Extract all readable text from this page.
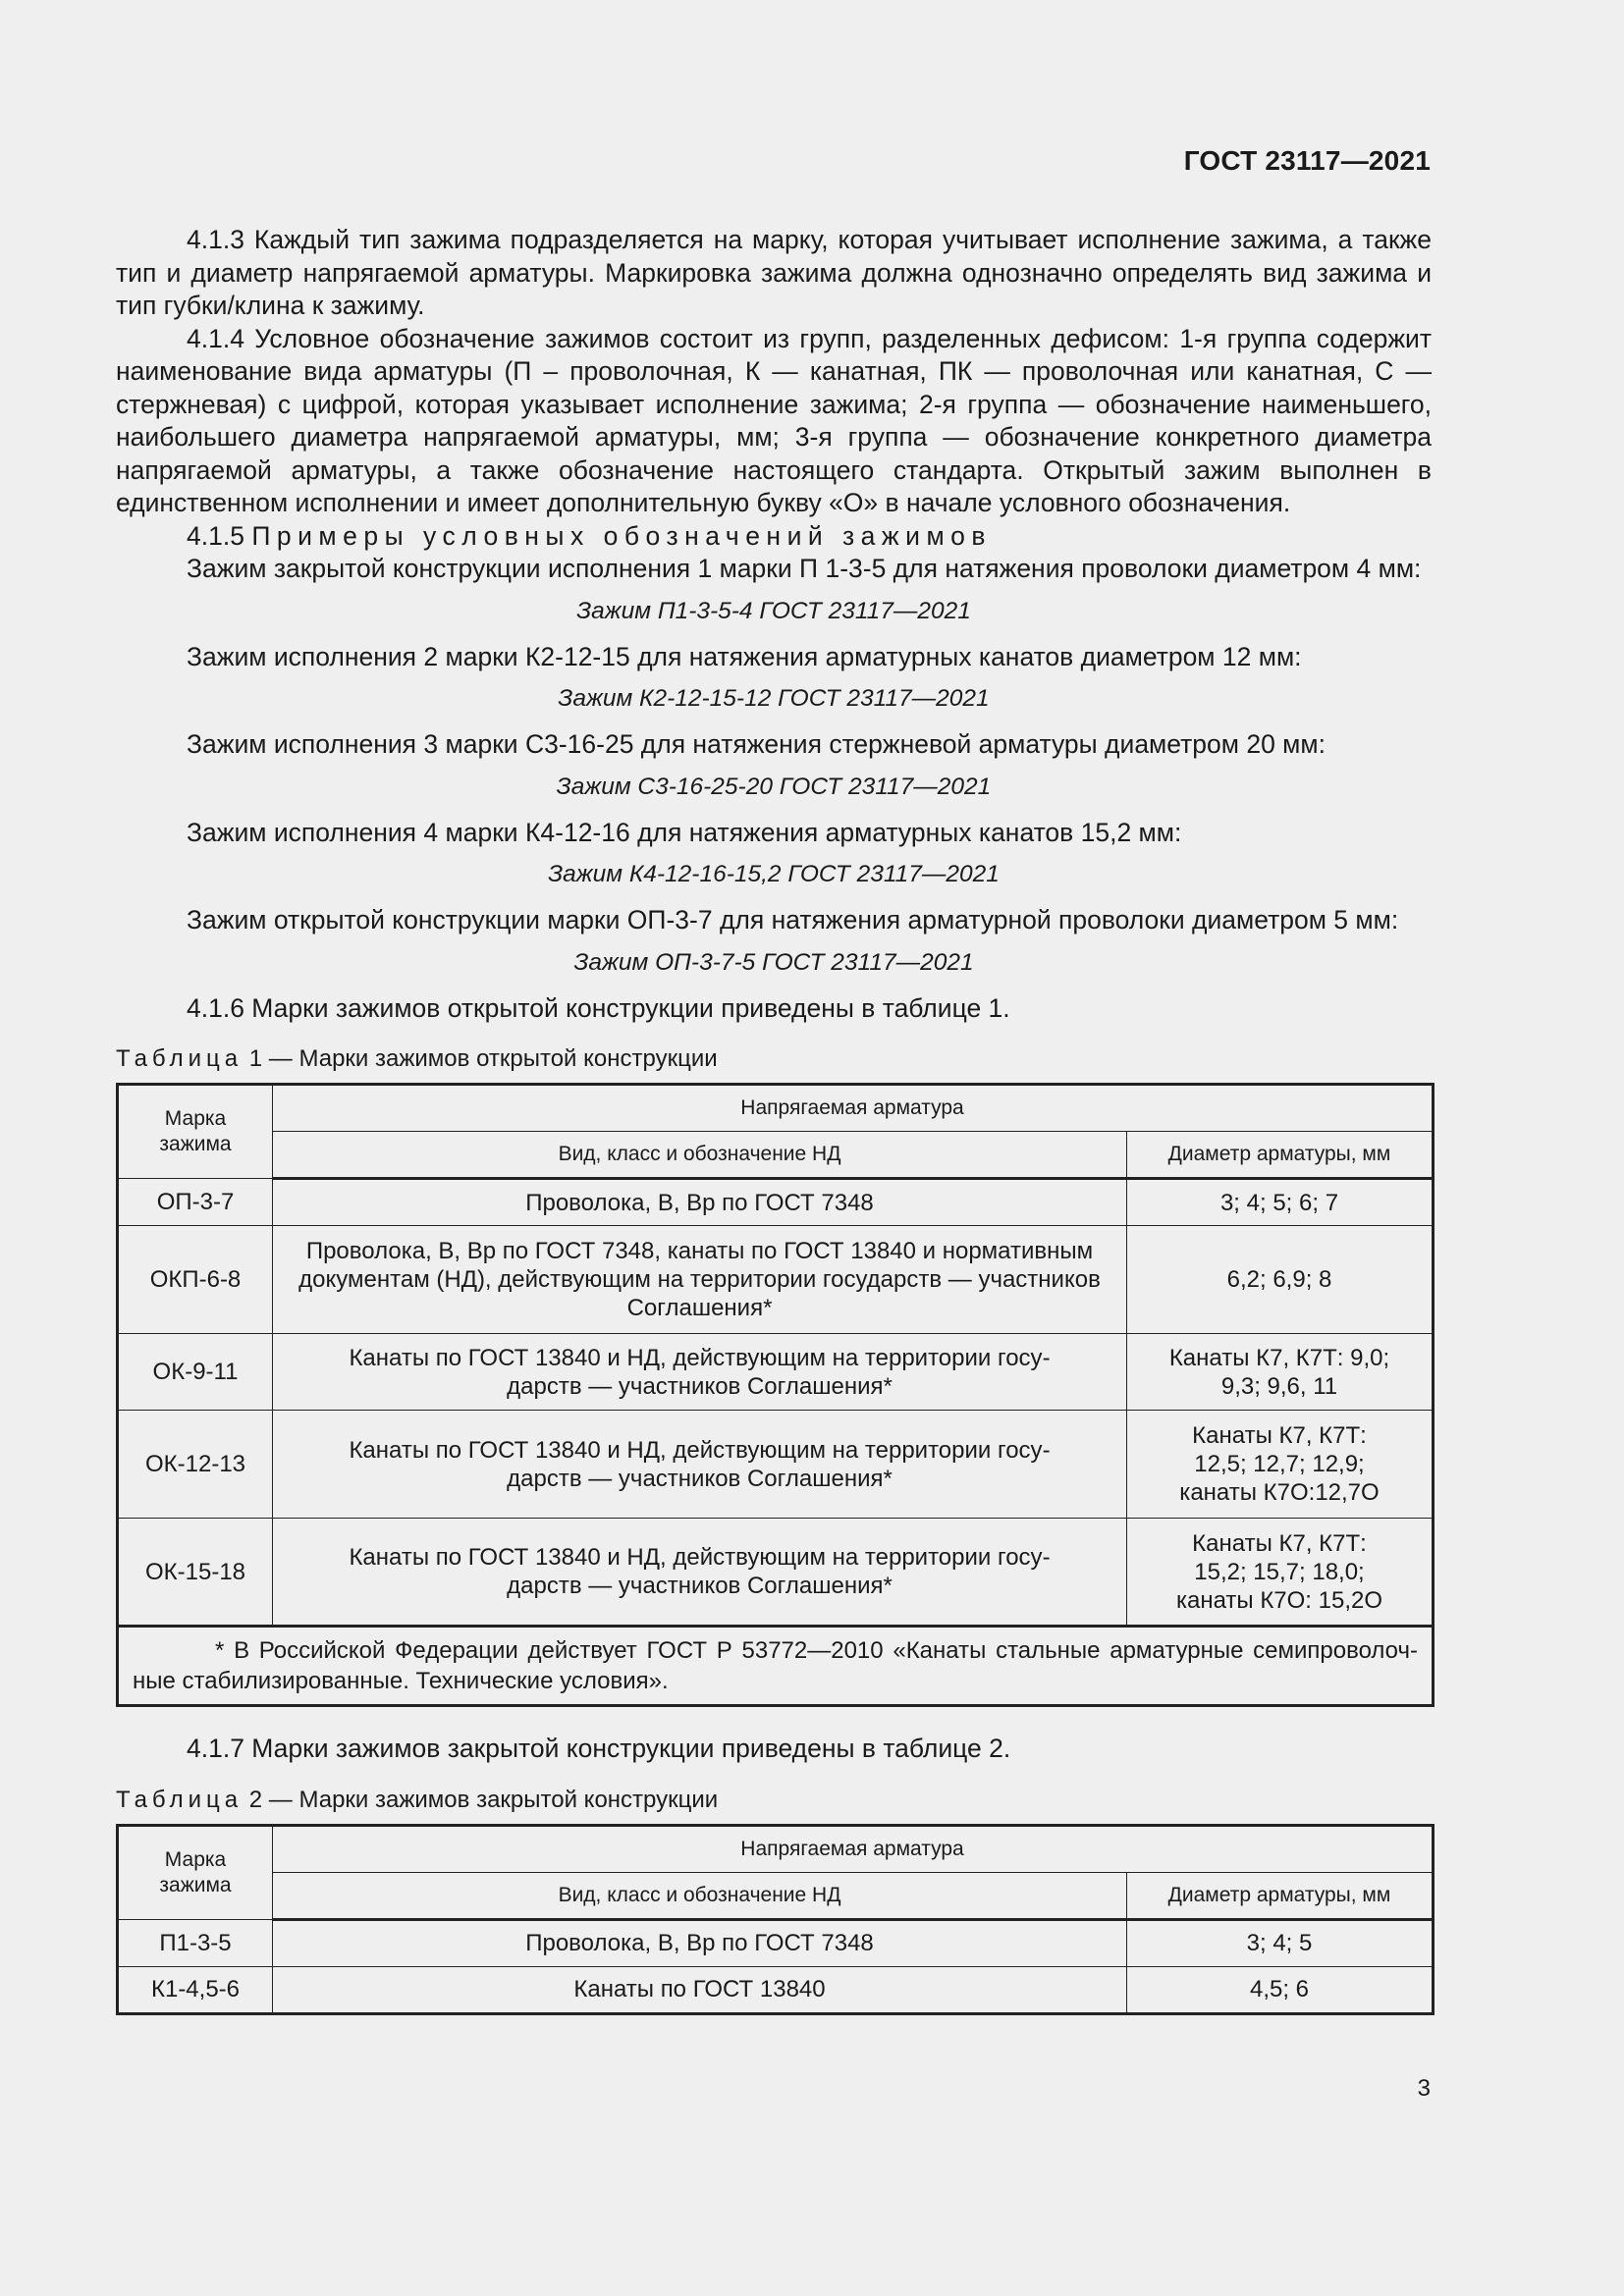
ГОСТ 23117—2021

4.1.3 Каждый тип зажима подразделяется на марку, которая учитывает исполнение зажима, а также тип и диаметр напрягаемой арматуры. Маркировка зажима должна однозначно определять вид зажима и тип губки/клина к зажиму.

4.1.4 Условное обозначение зажимов состоит из групп, разделенных дефисом: 1-я группа содержит наименование вида арматуры (П – проволочная, К — канатная, ПК — проволочная или канатная, С — стержневая) с цифрой, которая указывает исполнение зажима; 2-я группа — обозначение наименьшего, наибольшего диаметра напрягаемой арматуры, мм; 3-я группа — обозначение конкретного диаметра напрягаемой арматуры, а также обозначение настоящего стандарта. Открытый зажим выполнен в единственном исполнении и имеет дополнительную букву «О» в начале условного обозначения.

4.1.5 Примеры условных обозначений зажимов

Зажим закрытой конструкции исполнения 1 марки П 1-3-5 для натяжения проволоки диаметром 4 мм:

Зажим П1-3-5-4 ГОСТ 23117—2021

Зажим исполнения 2 марки К2-12-15 для натяжения арматурных канатов диаметром 12 мм:

Зажим К2-12-15-12 ГОСТ 23117—2021

Зажим исполнения 3 марки С3-16-25 для натяжения стержневой арматуры диаметром 20 мм:

Зажим С3-16-25-20 ГОСТ 23117—2021

Зажим исполнения 4 марки К4-12-16 для натяжения арматурных канатов 15,2 мм:

Зажим К4-12-16-15,2 ГОСТ 23117—2021

Зажим открытой конструкции марки ОП-3-7 для натяжения арматурной проволоки диаметром 5 мм:

Зажим ОП-3-7-5 ГОСТ 23117—2021

4.1.6 Марки зажимов открытой конструкции приведены в таблице 1.

Таблица 1 — Марки зажимов открытой конструкции

Марка зажима	Напрягаемая арматура	
	Вид, класс и обозначение НД	Диаметр арматуры, мм
ОП-3-7	Проволока, В, Вр по ГОСТ 7348	3; 4; 5; 6; 7
ОКП-6-8	Проволока, В, Вр по ГОСТ 7348, канаты по ГОСТ 13840 и нормативным документам (НД), действующим на территории государств — участников Соглашения*	6,2; 6,9; 8
ОК-9-11	Канаты по ГОСТ 13840 и НД, действующим на территории государств — участников Соглашения*	Канаты К7, К7Т: 9,0; 9,3; 9,6, 11
ОК-12-13	Канаты по ГОСТ 13840 и НД, действующим на территории государств — участников Соглашения*	Канаты К7, К7Т: 12,5; 12,7; 12,9; канаты К7О:12,7О
ОК-15-18	Канаты по ГОСТ 13840 и НД, действующим на территории государств — участников Соглашения*	Канаты К7, К7Т: 15,2; 15,7; 18,0; канаты К7О: 15,2О
* В Российской Федерации действует ГОСТ Р 53772—2010 «Канаты стальные арматурные семипроволочные стабилизированные. Технические условия».		

4.1.7 Марки зажимов закрытой конструкции приведены в таблице 2.

Таблица 2 — Марки зажимов закрытой конструкции

Марка зажима	Напрягаемая арматура	
	Вид, класс и обозначение НД	Диаметр арматуры, мм
П1-3-5	Проволока, В, Вр по ГОСТ 7348	3; 4; 5
К1-4,5-6	Канаты по ГОСТ 13840	4,5; 6
3
